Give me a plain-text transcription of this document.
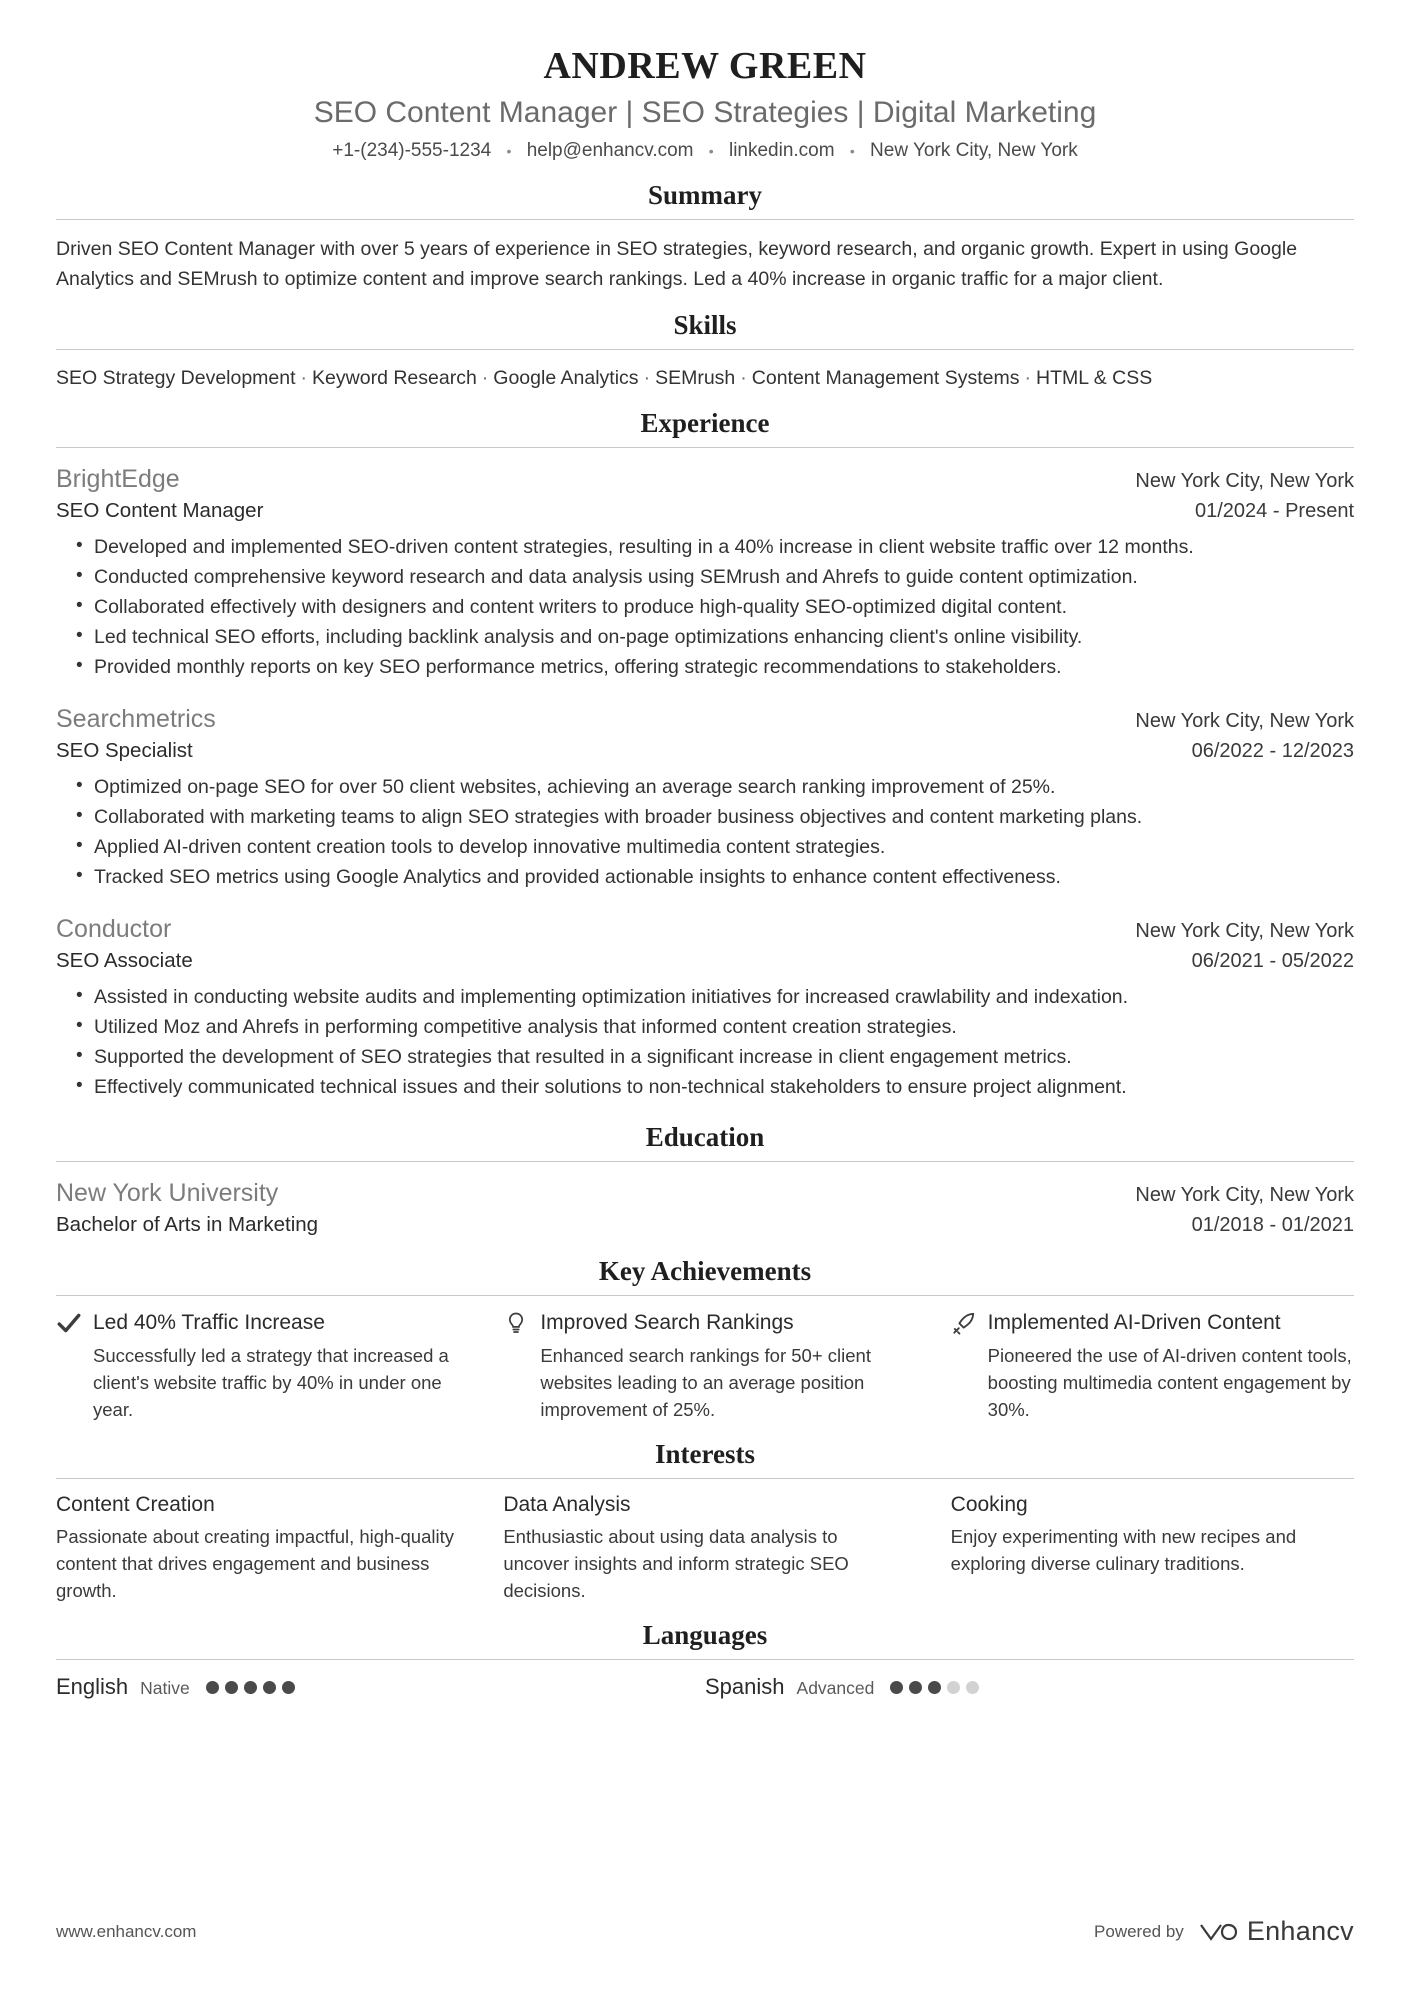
ANDREW GREEN
SEO Content Manager | SEO Strategies | Digital Marketing
+1-(234)-555-1234 • help@enhancv.com • linkedin.com • New York City, New York
Summary

Driven SEO Content Manager with over 5 years of experience in SEO strategies, keyword research, and organic growth. Expert in using Google Analytics and SEMrush to optimize content and improve search rankings. Led a 40% increase in organic traffic for a major client.

Skills
SEO Strategy Development · Keyword Research · Google Analytics · SEMrush · Content Management Systems · HTML & CSS
Experience
BrightEdge	New York City, New York
SEO Content Manager	01/2024 - Present
• Developed and implemented SEO-driven content strategies, resulting in a 40% increase in client website traffic over 12 months.
• Conducted comprehensive keyword research and data analysis using SEMrush and Ahrefs to guide content optimization.
• Collaborated effectively with designers and content writers to produce high-quality SEO-optimized digital content.
• Led technical SEO efforts, including backlink analysis and on-page optimizations enhancing client's online visibility.
• Provided monthly reports on key SEO performance metrics, offering strategic recommendations to stakeholders.
Searchmetrics	New York City, New York
SEO Specialist	06/2022 - 12/2023
• Optimized on-page SEO for over 50 client websites, achieving an average search ranking improvement of 25%.
• Collaborated with marketing teams to align SEO strategies with broader business objectives and content marketing plans.
• Applied AI-driven content creation tools to develop innovative multimedia content strategies.
• Tracked SEO metrics using Google Analytics and provided actionable insights to enhance content effectiveness.
Conductor	New York City, New York
SEO Associate	06/2021 - 05/2022
• Assisted in conducting website audits and implementing optimization initiatives for increased crawlability and indexation.
• Utilized Moz and Ahrefs in performing competitive analysis that informed content creation strategies.
• Supported the development of SEO strategies that resulted in a significant increase in client engagement metrics.
• Effectively communicated technical issues and their solutions to non-technical stakeholders to ensure project alignment.
Education
New York University	New York City, New York
Bachelor of Arts in Marketing	01/2018 - 01/2021
Key Achievements
Led 40% Traffic Increase
Successfully led a strategy that increased a client's website traffic by 40% in under one year.
Improved Search Rankings
Enhanced search rankings for 50+ client websites leading to an average position improvement of 25%.
Implemented AI-Driven Content
Pioneered the use of AI-driven content tools, boosting multimedia content engagement by 30%.
Interests
Content Creation
Passionate about creating impactful, high-quality content that drives engagement and business growth.
Data Analysis
Enthusiastic about using data analysis to uncover insights and inform strategic SEO decisions.
Cooking
Enjoy experimenting with new recipes and exploring diverse culinary traditions.
Languages
English Native	Spanish Advanced
www.enhancv.com	Powered by Enhancv
